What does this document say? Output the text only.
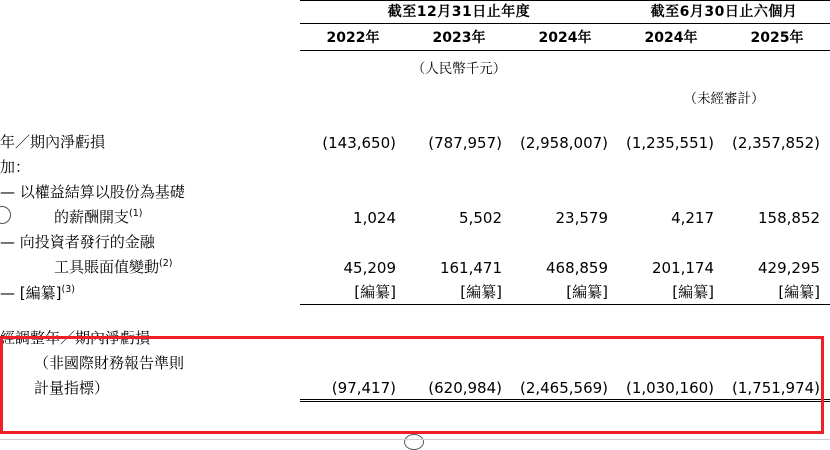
	截至12月31日止年度			截至6月30日止六個月	
	2022年	2023年	2024年	2024年	2025年
	（人民幣千元）				
				（未經審計）	

年／期內淨虧損	(143,650)	(787,957)	(2,958,007)	(1,235,551)	(2,357,852)
加：					
— 以權益結算以股份為基礎					
的薪酬開支$^{(1)}$	1,024	5,502	23,579	4,217	158,852
— 向投資者發行的金融					
工具賬面值變動$^{(2)}$	45,209	161,471	468,859	201,174	429,295
— [編纂]$^{(3)}$	[編纂]	[編纂]	[編纂]	[編纂]	[編纂]

經調整年／期內淨虧損					
（非國際財務報告準則					
計量指標）	(97,417)	(620,984)	(2,465,569)	(1,030,160)	(1,751,974)
